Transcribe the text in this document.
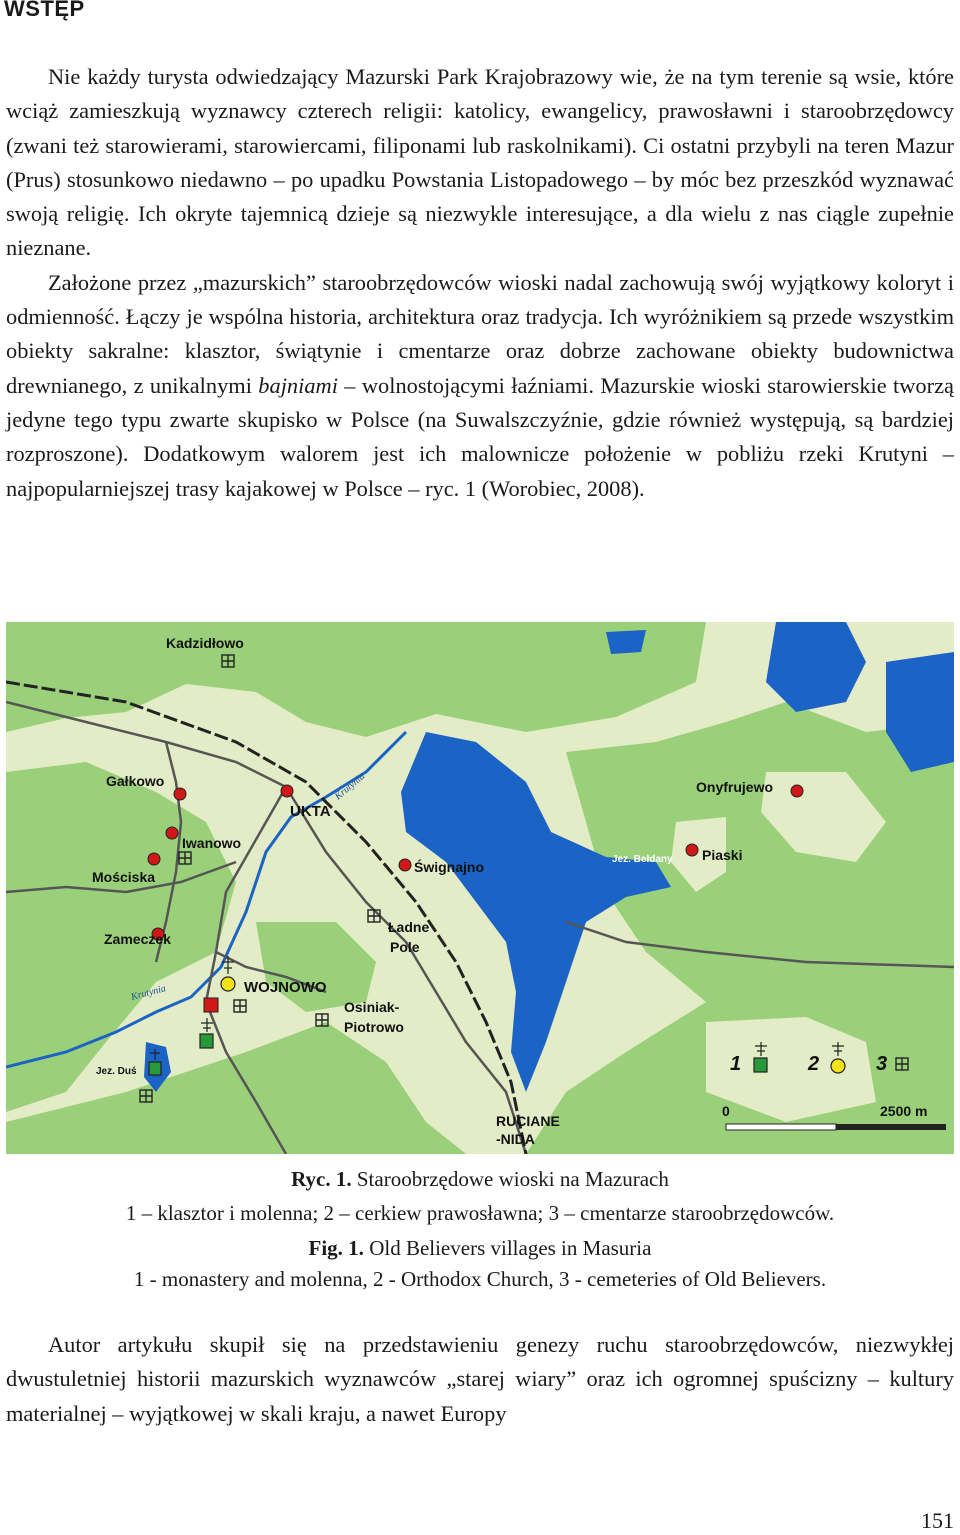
WSTĘP

Nie każdy turysta odwiedzający Mazurski Park Krajobrazowy wie, że na tym terenie są wsie, które wciąż zamieszkują wyznawcy czterech religii: katolicy, ewangelicy, prawosławni i staroobrzędowcy (zwani też starowierami, starowiercami, filiponami lub raskolnikami). Ci ostatni przybyli na teren Mazur (Prus) stosunkowo niedawno – po upadku Powstania Listopadowego – by móc bez przeszkód wyznawać swoją religię. Ich okryte tajemnicą dzieje są niezwykle interesujące, a dla wielu z nas ciągle zupełnie nieznane.

Założone przez „mazurskich” staroobrzędowców wioski nadal zachowują swój wyjątkowy koloryt i odmienność. Łączy je wspólna historia, architektura oraz tradycja. Ich wyróżnikiem są przede wszystkim obiekty sakralne: klasztor, świątynie i cmentarze oraz dobrze zachowane obiekty budownictwa drewnianego, z unikalnymi bajniami – wolnostojącymi łaźniami. Mazurskie wioski starowierskie tworzą jedyne tego typu zwarte skupisko w Polsce (na Suwalszczyźnie, gdzie również występują, są bardziej rozproszone). Dodatkowym walorem jest ich malownicze położenie w pobliżu rzeki Krutyni – najpopularniejszej trasy kajakowej w Polsce – ryc. 1 (Worobiec, 2008).

Kadzidłowo
Gałkowo
Iwanowo
Mościska
Zameczek
UKTA
Śwignajno
Ładne
Pole
WOJNOWO
Osiniak-
Piotrowo
RUCIANE
-NIDA
Onyfrujewo
Piaski
Jez. Bełdany
Jez. Duś
Krutynia
Krutynia
1	2	3
0	2500 m
Ryc. 1. Staroobrzędowe wioski na Mazurach
1 – klasztor i molenna; 2 – cerkiew prawosławna; 3 – cmentarze staroobrzędowców.
Fig. 1. Old Believers villages in Masuria
1 - monastery and molenna, 2 - Orthodox Church, 3 - cemeteries of Old Believers.

Autor artykułu skupił się na przedstawieniu genezy ruchu staroobrzędowców, niezwykłej dwustuletniej historii mazurskich wyznawców „starej wiary” oraz ich ogromnej spuścizny – kultury materialnej – wyjątkowej w skali kraju, a nawet Europy

151
